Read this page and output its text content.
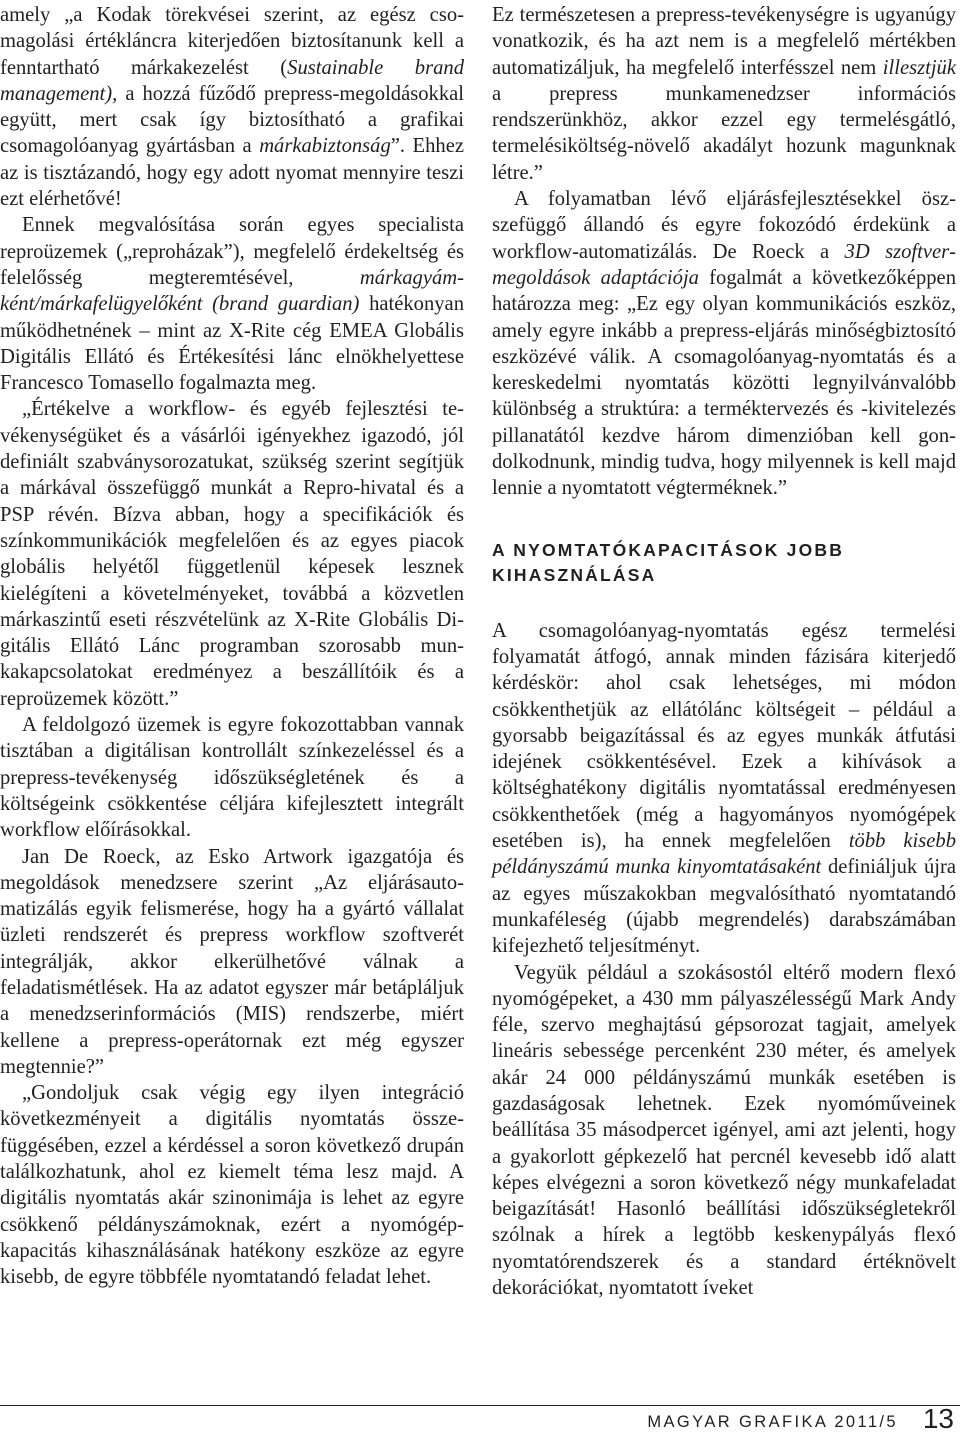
amely „a Kodak törekvései szerint, az egész csomagolási értékláncra kiterjedően biztosítanunk kell a fenntartható márkakezelést (Sustainable brand management), a hozzá fűződő prepress-megoldásokkal együtt, mert csak így biztosítható a grafikai csomagolóanyag gyártásban a márkabiztonság”. Ehhez az is tisztázandó, hogy egy adott nyomat mennyire teszi ezt elérhetővé!

Ennek megvalósítása során egyes specialista reproüzemek („reproházak”), megfelelő érdekeltség és felelősség megteremtésével, márkagyámként/márkafelügyelőként (brand guardian) hatékonyan működhetnének – mint az X-Rite cég EMEA Globális Digitális Ellátó és Értékesítési lánc elnökhelyettese Francesco Tomasello fogalmazta meg.

„Értékelve a workflow- és egyéb fejlesztési tevékenységüket és a vásárlói igényekhez igazodó, jól definiált szabványsorozatukat, szükség szerint segítjük a márkával összefüggő munkát a Repro-hivatal és a PSP révén. Bízva abban, hogy a specifikációk és színkommunikációk megfelelően és az egyes piacok globális helyétől függetlenül képesek lesznek kielégíteni a követelményeket, továbbá a közvetlen márkaszintű eseti részvételünk az X-Rite Globális Digitális Ellátó Lánc programban szorosabb munkakapcsolatokat eredményez a beszállítóik és a reproüzemek között.”

A feldolgozó üzemek is egyre fokozottabban vannak tisztában a digitálisan kontrollált színkezeléssel és a prepress-tevékenység időszükségletének és a költségeink csökkentése céljára kifejlesztett integrált workflow előírásokkal.

Jan De Roeck, az Esko Artwork igazgatója és megoldások menedzsere szerint „Az eljárásautomatizálás egyik felismerése, hogy ha a gyártó vállalat üzleti rendszerét és prepress workflow szoftverét integrálják, akkor elkerülhetővé válnak a feladatismétlések. Ha az adatot egyszer már betápláljuk a menedzserinformációs (MIS) rendszerbe, miért kellene a prepress-operátornak ezt még egyszer megtennie?”

„Gondoljuk csak végig egy ilyen integráció következményeit a digitális nyomtatás összefüggésében, ezzel a kérdéssel a soron következő drupán találkozhatunk, ahol ez kiemelt téma lesz majd. A digitális nyomtatás akár szinonimája is lehet az egyre csökkenő példányszámoknak, ezért a nyomógép-kapacitás kihasználásának hatékony eszköze az egyre kisebb, de egyre többféle nyomtatandó feladat lehet.

Ez természetesen a prepress-tevékenységre is ugyanúgy vonatkozik, és ha azt nem is a megfelelő mértékben automatizáljuk, ha megfelelő interfésszel nem illesztjük a prepress munkamenedzser információs rendszerünkhöz, akkor ezzel egy termelésgátló, termelésiköltség-növelő akadályt hozunk magunknak létre.”

A folyamatban lévő eljárásfejlesztésekkel öszszefüggő állandó és egyre fokozódó érdekünk a workflow-automatizálás. De Roeck a 3D szoftvermegoldások adaptációja fogalmát a következőképpen határozza meg: „Ez egy olyan kommunikációs eszköz, amely egyre inkább a prepress-eljárás minőségbiztosító eszközévé válik. A csomagolóanyag-nyomtatás és a kereskedelmi nyomtatás közötti legnyilvánvalóbb különbség a struktúra: a terméktervezés és -kivitelezés pillanatától kezdve három dimenzióban kell gondolkodnunk, mindig tudva, hogy milyennek is kell majd lennie a nyomtatott végterméknek.”

A NYOMTATÓKAPACITÁSOK JOBB KIHASZNÁLÁSA

A csomagolóanyag-nyomtatás egész termelési folyamatát átfogó, annak minden fázisára kiterjedő kérdéskör: ahol csak lehetséges, mi módon csökkenthetjük az ellátólánc költségeit – például a gyorsabb beigazítással és az egyes munkák átfutási idejének csökkentésével. Ezek a kihívások a költséghatékony digitális nyomtatással eredményesen csökkenthetőek (még a hagyományos nyomógépek esetében is), ha ennek megfelelően több kisebb példányszámú munka kinyomtatásaként definiáljuk újra az egyes műszakokban megvalósítható nyomtatandó munkaféleség (újabb megrendelés) darabszámában kifejezhető teljesítményt.

Vegyük például a szokásostól eltérő modern flexó nyomógépeket, a 430 mm pályaszélességű Mark Andy féle, szervo meghajtású gépsorozat tagjait, amelyek lineáris sebessége percenként 230 méter, és amelyek akár 24 000 példányszámú munkák esetében is gazdaságosak lehetnek. Ezek nyomóműveinek beállítása 35 másodpercet igényel, ami azt jelenti, hogy a gyakorlott gépkezelő hat percnél kevesebb idő alatt képes elvégezni a soron következő négy munkafeladat beigazítását! Hasonló beállítási időszükségletekről szólnak a hírek a legtöbb keskenypályás flexó nyomtatórendszerek és a standard értéknövelt dekorációkat, nyomtatott íveket

MAGYAR GRAFIKA 2011/5 13
